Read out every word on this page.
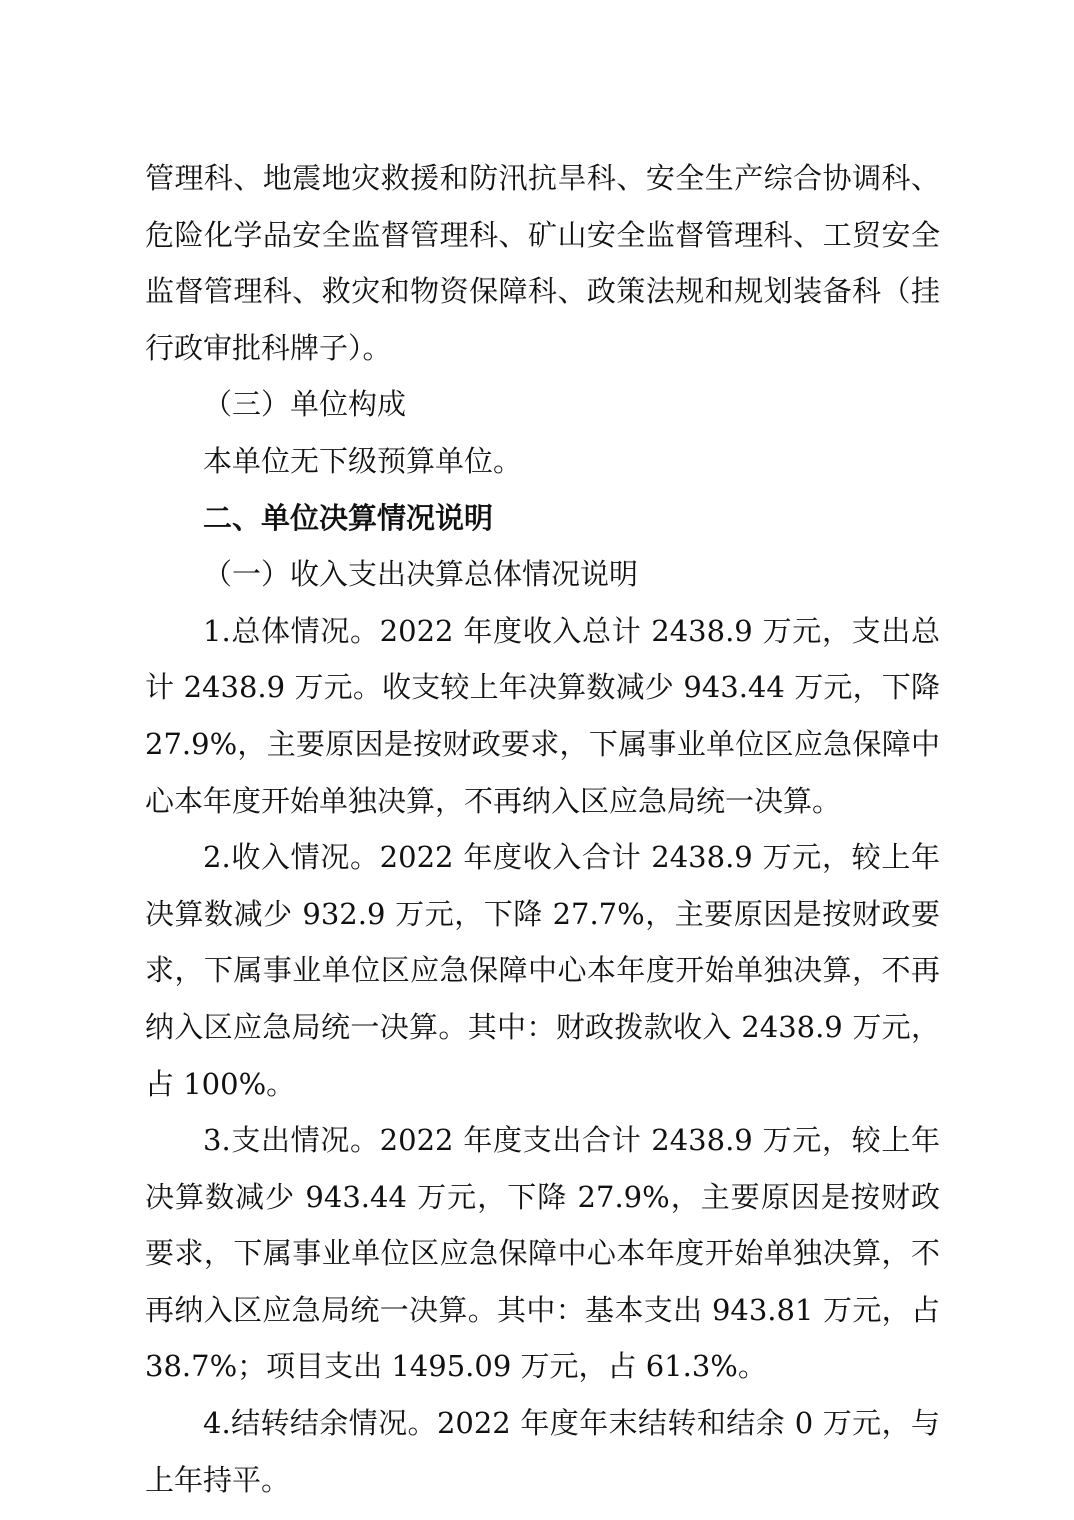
管理科、地震地灾救援和防汛抗旱科、安全生产综合协调科、危险化学品安全监督管理科、矿山安全监督管理科、工贸安全监督管理科、救灾和物资保障科、政策法规和规划装备科（挂行政审批科牌子）。

（三）单位构成

本单位无下级预算单位。

二、单位决算情况说明

（一）收入支出决算总体情况说明

1.总体情况。2022 年度收入总计 2438.9 万元，支出总计 2438.9 万元。收支较上年决算数减少 943.44 万元，下降 27.9%，主要原因是按财政要求，下属事业单位区应急保障中心本年度开始单独决算，不再纳入区应急局统一决算。

2.收入情况。2022 年度收入合计 2438.9 万元，较上年决算数减少 932.9 万元，下降 27.7%，主要原因是按财政要求，下属事业单位区应急保障中心本年度开始单独决算，不再纳入区应急局统一决算。其中：财政拨款收入 2438.9 万元，占 100%。

3.支出情况。2022 年度支出合计 2438.9 万元，较上年决算数减少 943.44 万元，下降 27.9%，主要原因是按财政要求，下属事业单位区应急保障中心本年度开始单独决算，不再纳入区应急局统一决算。其中：基本支出 943.81 万元，占 38.7%；项目支出 1495.09 万元，占 61.3%。

4.结转结余情况。2022 年度年末结转和结余 0 万元，与上年持平。
